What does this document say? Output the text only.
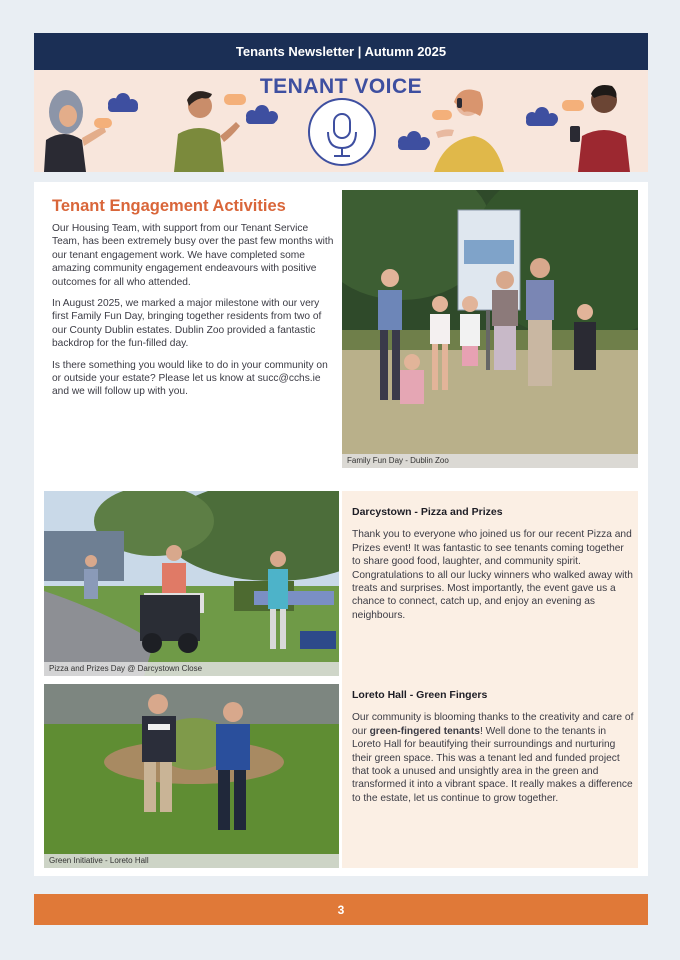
Tenants Newsletter | Autumn 2025
TENANT VOICE
Tenant Engagement Activities

Our Housing Team, with support from our Tenant Service Team, has been extremely busy over the past few months with our tenant engagement work. We have completed some amazing community engagement endeavours with positive outcomes for all who attended.

In August 2025, we marked a major milestone with our very first Family Fun Day, bringing together residents from two of our County Dublin estates. Dublin Zoo provided a fantastic backdrop for the fun-filled day.

Is there something you would like to do in your community on or outside your estate? Please let us know at succ@cchs.ie and we will follow up with you.

Family Fun Day - Dublin Zoo
Pizza and Prizes Day @ Darcystown Close
Green Initiative - Loreto Hall
Darcystown - Pizza and Prizes

Thank you to everyone who joined us for our recent Pizza and Prizes event! It was fantastic to see tenants coming together to share good food, laughter, and community spirit. Congratulations to all our lucky winners who walked away with treats and surprises. Most importantly, the event gave us a chance to connect, catch up, and enjoy an evening as neighbours.

Loreto Hall - Green Fingers

Our community is blooming thanks to the creativity and care of our green-fingered tenants! Well done to the tenants in Loreto Hall for beautifying their surroundings and nurturing their green space. This was a tenant led and funded project that took a unused and unsightly area in the green and transformed it into a vibrant space. It really makes a difference to the estate, let us continue to grow together.

3
